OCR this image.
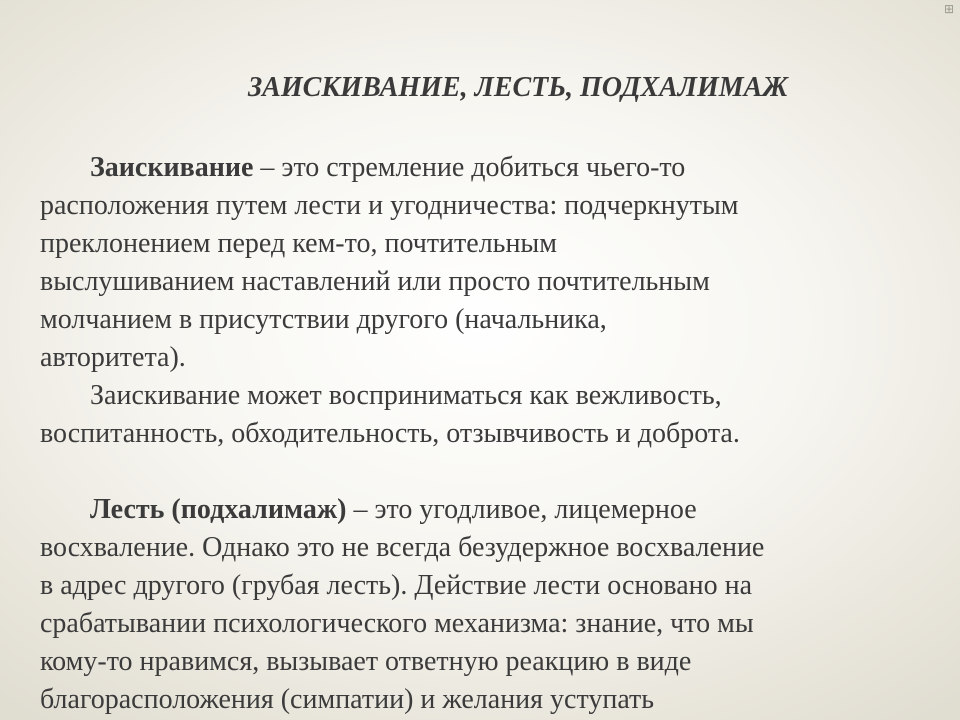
⊞
ЗАИСКИВАНИЕ, ЛЕСТЬ, ПОДХАЛИМАЖ

Заискивание – это стремление добиться чьего-то
расположения путем лести и угодничества: подчеркнутым
преклонением перед кем-то, почтительным
выслушиванием наставлений или просто почтительным
молчанием в присутствии другого (начальника,
авторитета).

Заискивание может восприниматься как вежливость,
воспитанность, обходительность, отзывчивость и доброта.

Лесть (подхалимаж) – это угодливое, лицемерное
восхваление. Однако это не всегда безудержное восхваление
в адрес другого (грубая лесть). Действие лести основано на
срабатывании психологического механизма: знание, что мы
кому-то нравимся, вызывает ответную реакцию в виде
благорасположения (симпатии) и желания уступать
